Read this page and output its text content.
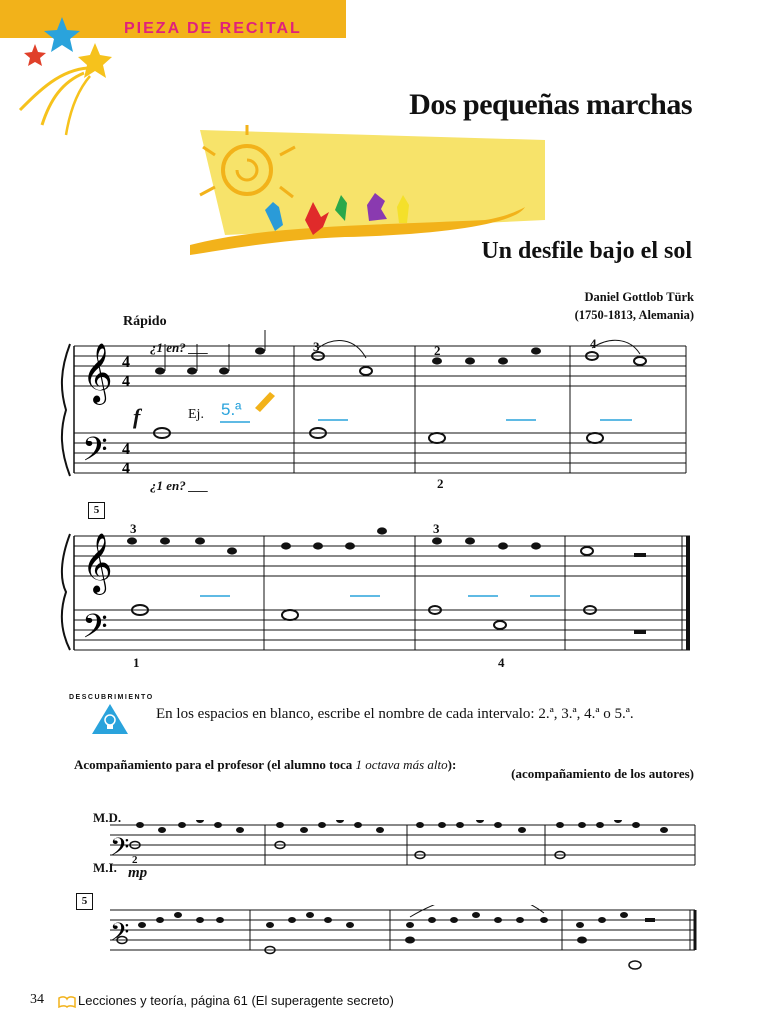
PIEZA DE RECITAL
Dos pequeñas marchas
Un desfile bajo el sol
Daniel Gottlob Türk
(1750-1813, Alemania)
Rápido
𝄞
𝄢
4
4
4
4
¿1 en? ___
¿1 en? ___
f	Ej. 5.ª
3	2	4
2
5
𝄞
𝄢
3	3
1	4
DESCUBRIMIENTO
En los espacios en blanco, escribe el nombre de cada intervalo: 2.ª, 3.ª, 4.ª o 5.ª.
Acompañamiento para el profesor (el alumno toca 1 octava más alto):
(acompañamiento de los autores)
M.D.
M.I. 2
mp
𝄢
5
𝄢
34	Lecciones y teoría, página 61 (El superagente secreto)
